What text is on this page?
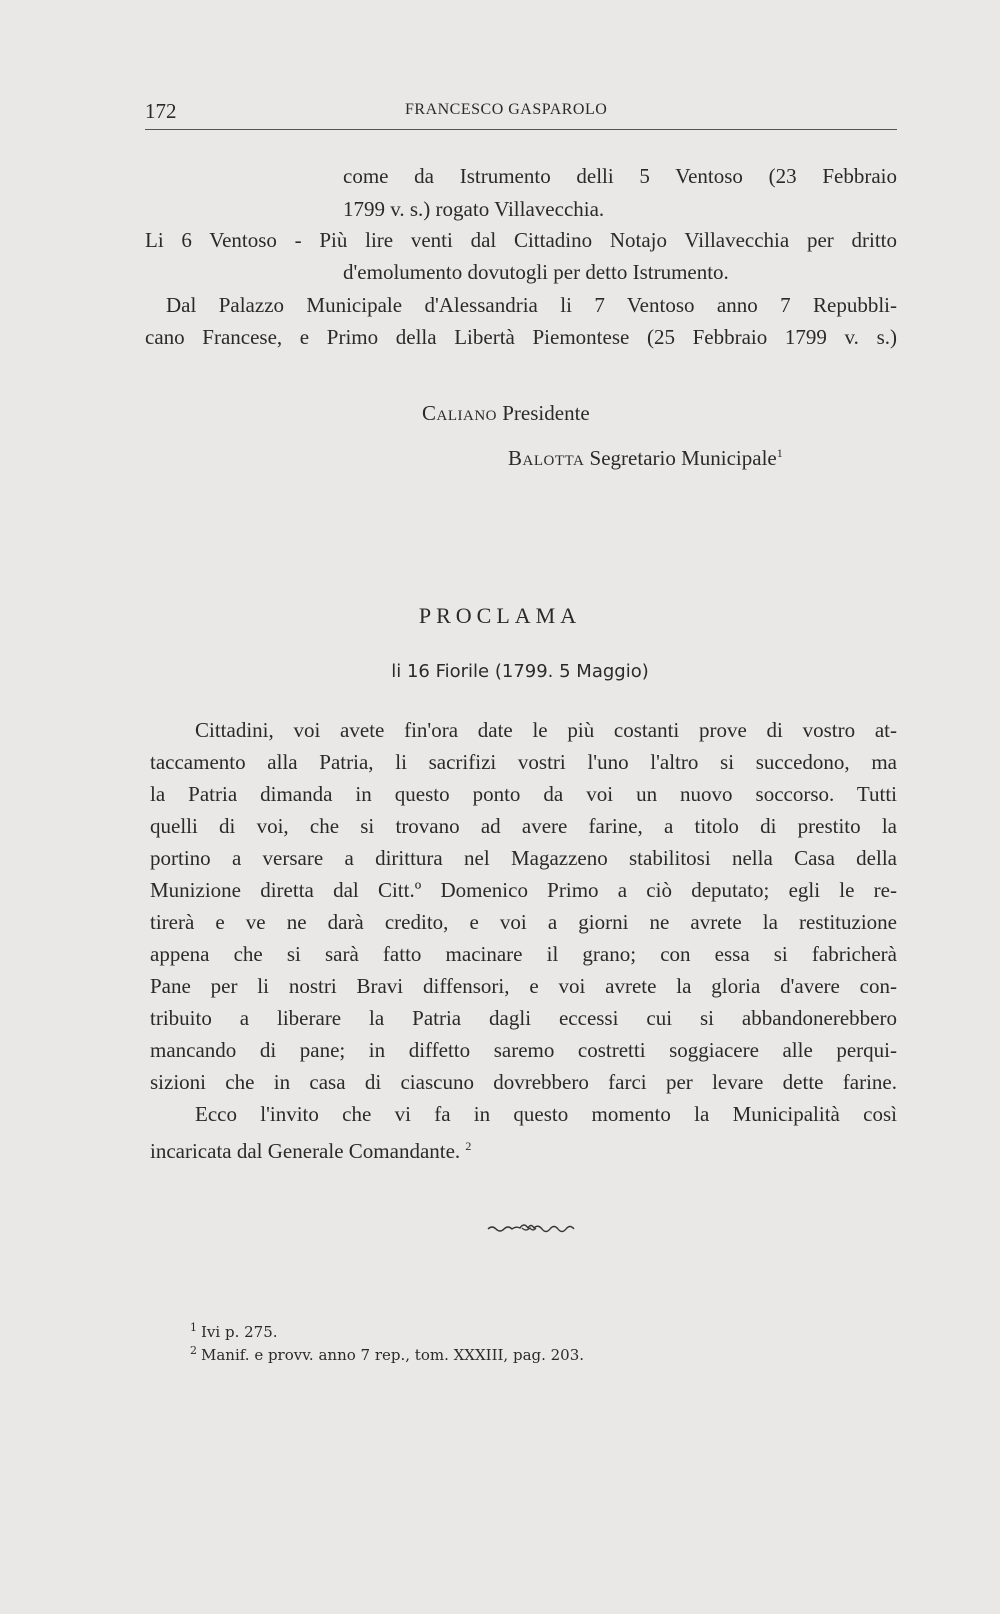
172	FRANCESCO GASPAROLO
come da Istrumento delli 5 Ventoso (23 Febbraio
1799 v. s.) rogato Villavecchia.
Li 6 Ventoso - Più lire venti dal Cittadino Notajo Villavecchia per dritto
d'emolumento dovutogli per detto Istrumento.
Dal Palazzo Municipale d'Alessandria li 7 Ventoso anno 7 Repubbli-
cano Francese, e Primo della Libertà Piemontese (25 Febbraio 1799 v. s.)
Caliano Presidente
Balotta Segretario Municipale$^1$
PROCLAMA
li 16 Fiorile (1799. 5 Maggio)
Cittadini, voi avete fin'ora date le più costanti prove di vostro at-
taccamento alla Patria, li sacrifizi vostri l'uno l'altro si succedono, ma
la Patria dimanda in questo ponto da voi un nuovo soccorso. Tutti
quelli di voi, che si trovano ad avere farine, a titolo di prestito la
portino a versare a dirittura nel Magazzeno stabilitosi nella Casa della
Munizione diretta dal Citt.º Domenico Primo a ciò deputato; egli le re-
tirerà e ve ne darà credito, e voi a giorni ne avrete la restituzione
appena che si sarà fatto macinare il grano; con essa si fabricherà
Pane per li nostri Bravi diffensori, e voi avrete la gloria d'avere con-
tribuito a liberare la Patria dagli eccessi cui si abbandonerebbero
mancando di pane; in diffetto saremo costretti soggiacere alle perqui-
sizioni che in casa di ciascuno dovrebbero farci per levare dette farine.
Ecco l'invito che vi fa in questo momento la Municipalità così
incaricata dal Generale Comandante. $^2$
$^1$ Ivi p. 275.
$^2$ Manif. e provv. anno 7 rep., tom. XXXIII, pag. 203.
